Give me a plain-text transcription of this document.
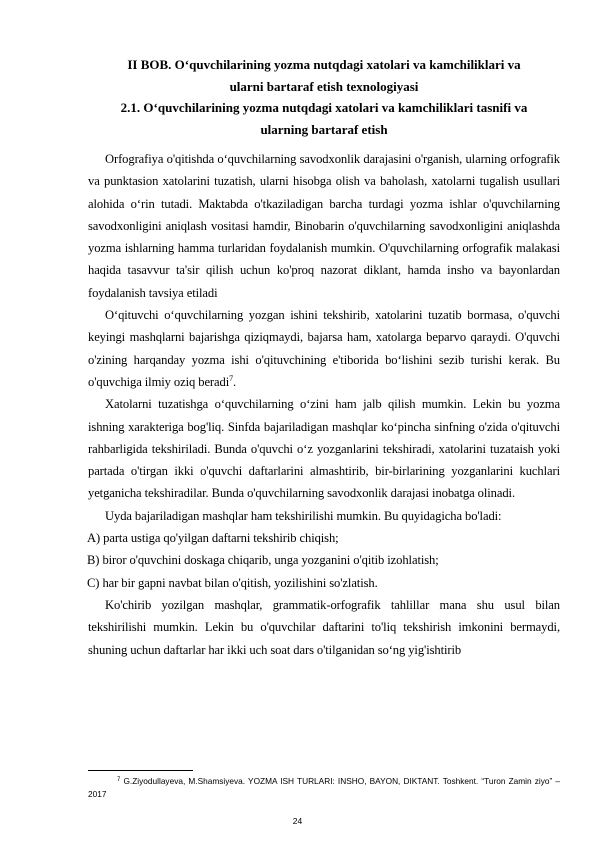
II BOB. O‘quvchilarining yozma nutqdagi xatolari va kamchiliklari va
ularni bartaraf etish texnologiyasi
2.1. O‘quvchilarining yozma nutqdagi xatolari va kamchiliklari tasnifi va
ularning bartaraf etish

Orfografiya o'qitishda o‘quvchilarning savodxonlik darajasini o'rganish, ularning orfografik va punktasion xatolarini tuzatish, ularni hisobga olish va baholash, xatolarni tugalish usullari alohida o‘rin tutadi. Maktabda o'tkaziladigan barcha turdagi yozma ishlar o'quvchilarning savodxonligini aniqlash vositasi hamdir, Binobarin o'quvchilarning savodxonligini aniqlashda yozma ishlarning hamma turlaridan foydalanish mumkin. O'quvchilarning orfografik malakasi haqida tasavvur ta'sir qilish uchun ko'proq nazorat diklant, hamda insho va bayonlardan foydalanish tavsiya etiladi

O‘qituvchi o‘quvchilarning yozgan ishini tekshirib, xatolarini tuzatib bormasa, o'quvchi keyingi mashqlarni bajarishga qiziqmaydi, bajarsa ham, xatolarga beparvo qaraydi. O'quvchi o'zining harqanday yozma ishi o'qituvchining e'tiborida bo‘lishini sezib turishi kerak. Bu o'quvchiga ilmiy oziq beradi$^7$.

Xatolarni tuzatishga o‘quvchilarning o‘zini ham jalb qilish mumkin. Lekin bu yozma ishning xarakteriga bog'liq. Sinfda bajariladigan mashqlar ko‘pincha sinfning o'zida o'qituvchi rahbarligida tekshiriladi. Bunda o'quvchi o‘z yozganlarini tekshiradi, xatolarini tuzataish yoki partada o'tirgan ikki o'quvchi daftarlarini almashtirib, bir-birlarining yozganlarini kuchlari yetganicha tekshiradilar. Bunda o'quvchilarning savodxonlik darajasi inobatga olinadi.

Uyda bajariladigan mashqlar ham tekshirilishi mumkin. Bu quyidagicha bo'ladi:

A) parta ustiga qo'yilgan daftarni tekshirib chiqish;

B) biror o'quvchini doskaga chiqarib, unga yozganini o'qitib izohlatish;

C) har bir gapni navbat bilan o'qitish, yozilishini so'zlatish.

Ko'chirib yozilgan mashqlar, grammatik-orfografik tahlillar mana shu usul bilan tekshirilishi mumkin. Lekin bu o'quvchilar daftarini to'liq tekshirish imkonini bermaydi, shuning uchun daftarlar har ikki uch soat dars o'tilganidan so‘ng yig'ishtirib

$^7$ G.Ziyodullayeva, M.Shamsiyeva. YOZMA ISH TURLARI: INSHO, BAYON, DIKTANT. Toshkent. “Turon Zamin ziyo” – 2017
24
